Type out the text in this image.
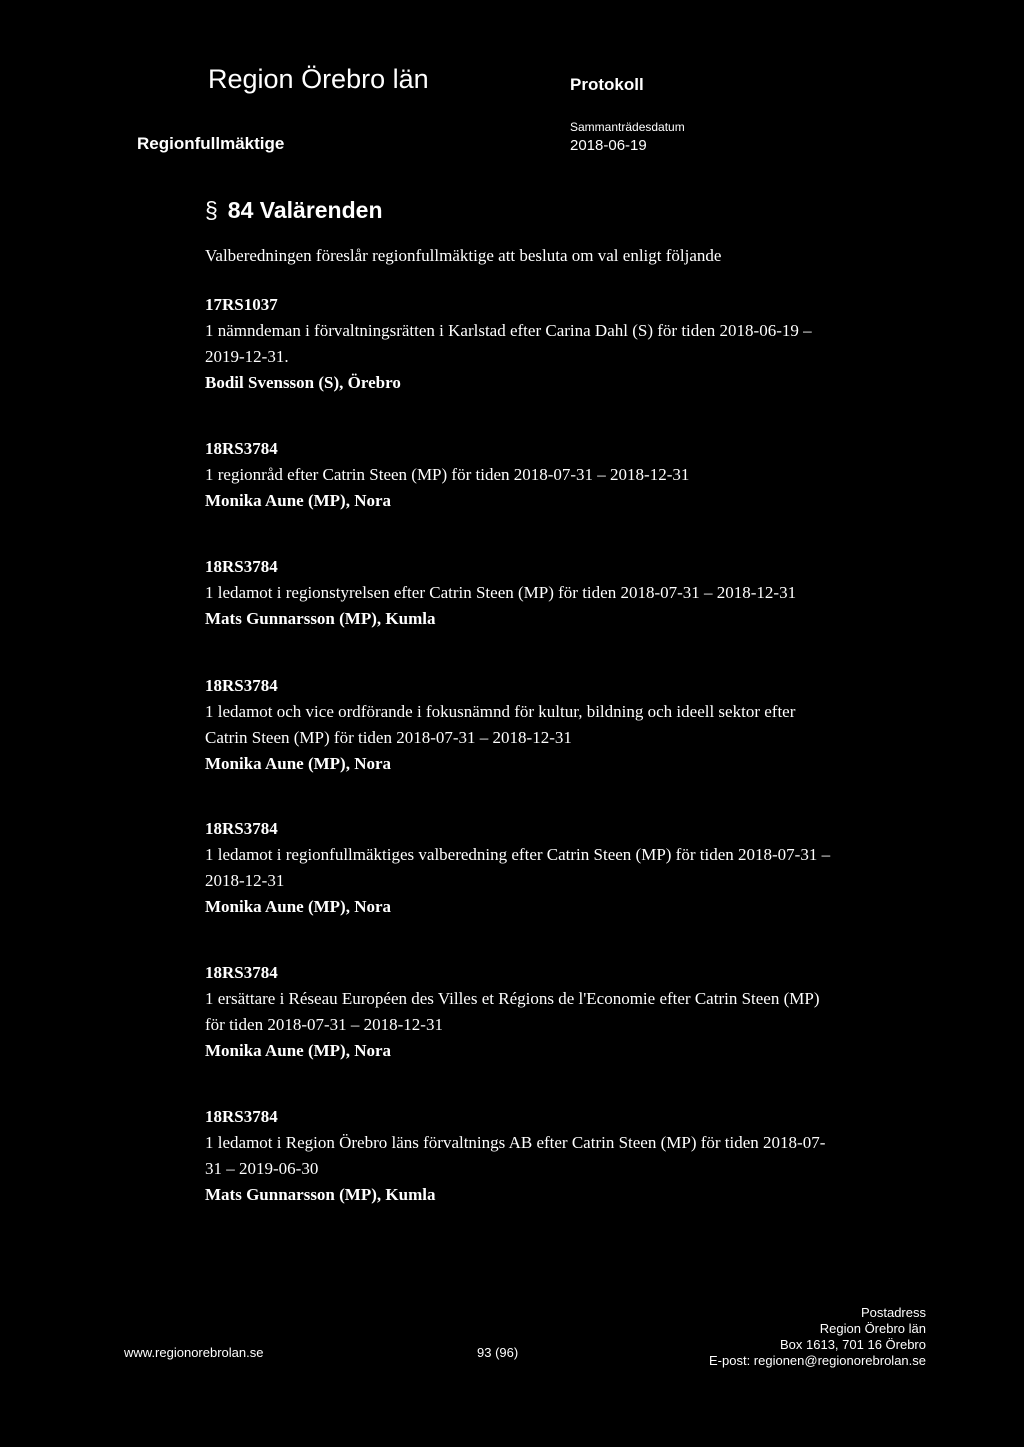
Region Örebro län	Protokoll
Regionfullmäktige
Sammanträdesdatum
2018-06-19
§ 84 Valärenden
Valberedningen föreslår regionfullmäktige att besluta om val enligt följande
17RS1037
1 nämndeman i förvaltningsrätten i Karlstad efter Carina Dahl (S) för tiden 2018-06-19 –
2019-12-31.
Bodil Svensson (S), Örebro
18RS3784
1 regionråd efter Catrin Steen (MP) för tiden 2018-07-31 – 2018-12-31
Monika Aune (MP), Nora
18RS3784
1 ledamot i regionstyrelsen efter Catrin Steen (MP) för tiden 2018-07-31 – 2018-12-31
Mats Gunnarsson (MP), Kumla
18RS3784
1 ledamot och vice ordförande i fokusnämnd för kultur, bildning och ideell sektor efter
Catrin Steen (MP) för tiden 2018-07-31 – 2018-12-31
Monika Aune (MP), Nora
18RS3784
1 ledamot i regionfullmäktiges valberedning efter Catrin Steen (MP) för tiden 2018-07-31 –
2018-12-31
Monika Aune (MP), Nora
18RS3784
1 ersättare i Réseau Européen des Villes et Régions de l'Economie efter Catrin Steen (MP)
för tiden 2018-07-31 – 2018-12-31
Monika Aune (MP), Nora
18RS3784
1 ledamot i Region Örebro läns förvaltnings AB efter Catrin Steen (MP) för tiden 2018-07-
31 – 2019-06-30
Mats Gunnarsson (MP), Kumla
www.regionorebrolan.se	93 (96)
Postadress
Region Örebro län
Box 1613, 701 16 Örebro
E-post: regionen@regionorebrolan.se
